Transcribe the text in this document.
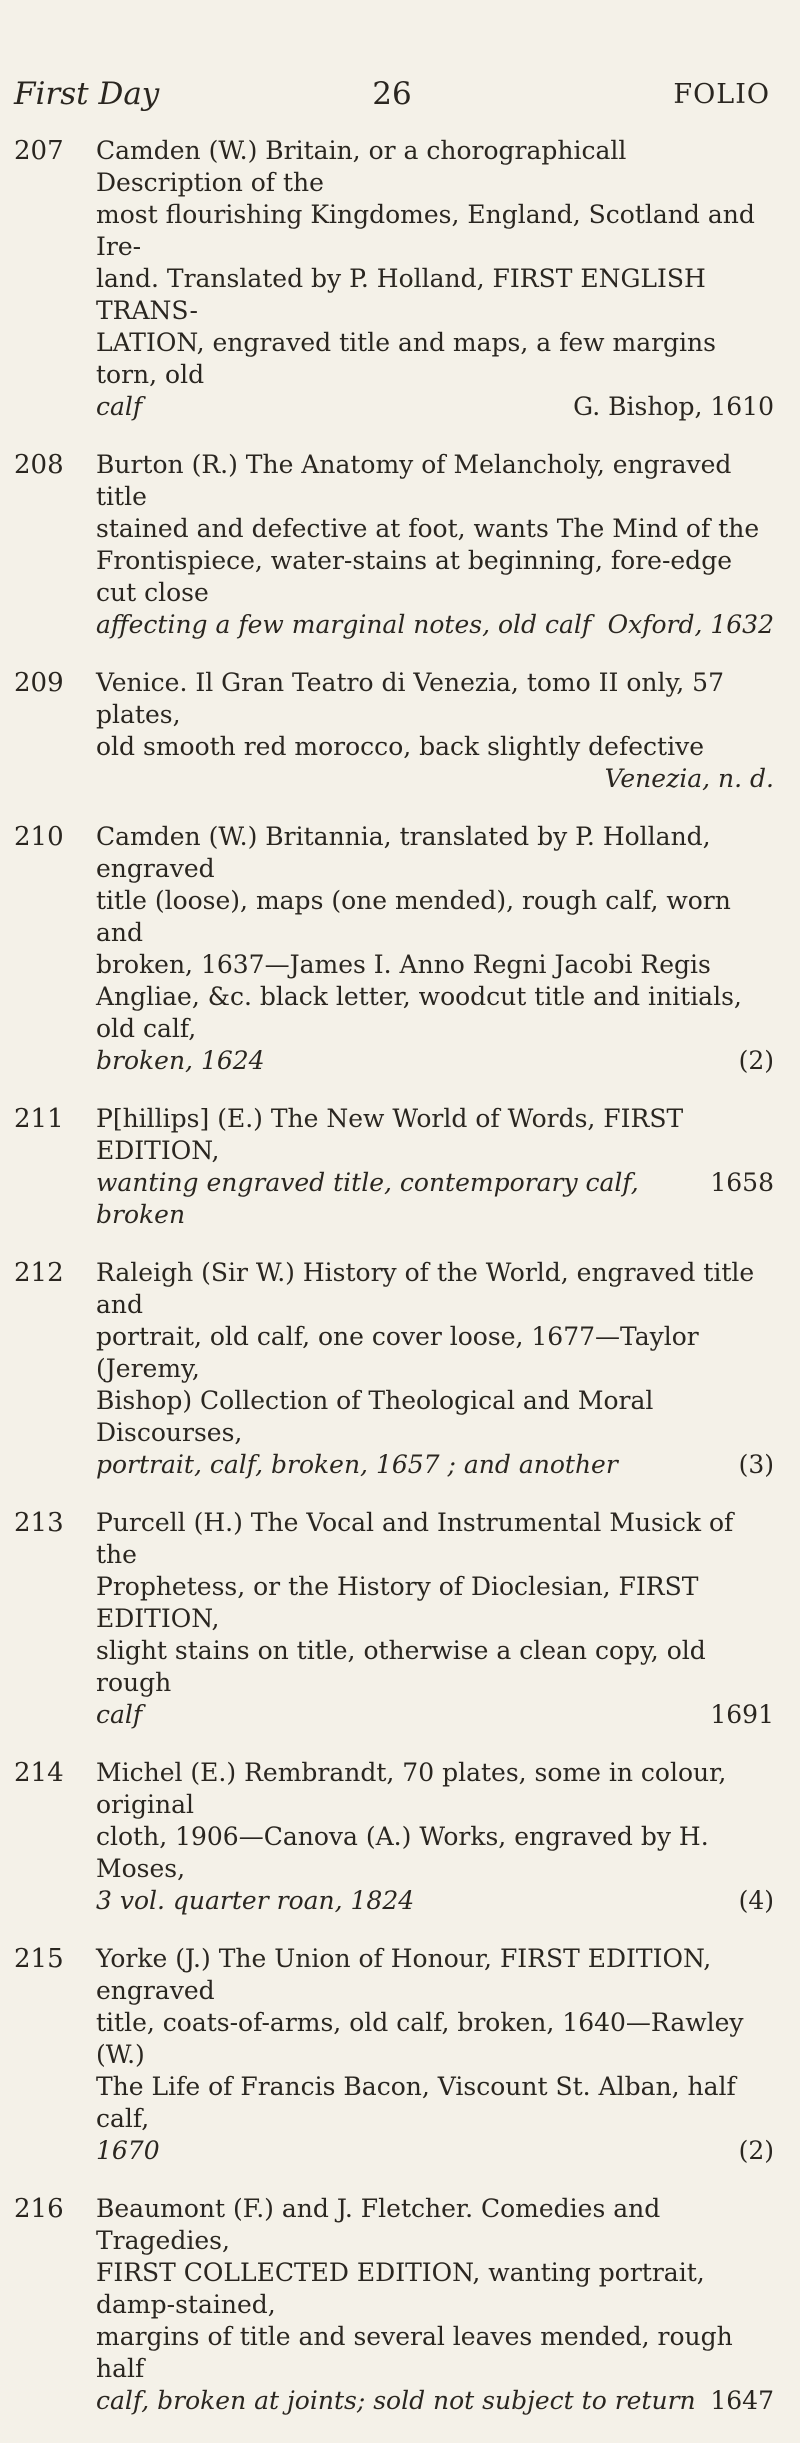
First Day	26	FOLIO
207	Camden (W.) Britain, or a chorographicall Description of the
most flourishing Kingdomes, England, Scotland and Ire-
land. Translated by P. Holland, FIRST ENGLISH TRANS-
LATION, engraved title and maps, a few margins torn, old
calf	G. Bishop, 1610
208	Burton (R.) The Anatomy of Melancholy, engraved title
stained and defective at foot, wants The Mind of the
Frontispiece, water-stains at beginning, fore-edge cut close
affecting a few marginal notes, old calf Oxford, 1632
209	Venice. Il Gran Teatro di Venezia, tomo II only, 57 plates,
old smooth red morocco, back slightly defective
Venezia, n. d.
210	Camden (W.) Britannia, translated by P. Holland, engraved
title (loose), maps (one mended), rough calf, worn and
broken, 1637—James I. Anno Regni Jacobi Regis
Angliae, &c. black letter, woodcut title and initials, old calf,
broken, 1624	(2)
211	P[hillips] (E.) The New World of Words, FIRST EDITION,
wanting engraved title, contemporary calf, broken
1658
212	Raleigh (Sir W.) History of the World, engraved title and
portrait, old calf, one cover loose, 1677—Taylor (Jeremy,
Bishop) Collection of Theological and Moral Discourses,
portrait, calf, broken, 1657 ; and another	(3)
213	Purcell (H.) The Vocal and Instrumental Musick of the
Prophetess, or the History of Dioclesian, FIRST EDITION,
slight stains on title, otherwise a clean copy, old rough
calf	1691
214	Michel (E.) Rembrandt, 70 plates, some in colour, original
cloth, 1906—Canova (A.) Works, engraved by H. Moses,
3 vol. quarter roan, 1824	(4)
215	Yorke (J.) The Union of Honour, FIRST EDITION, engraved
title, coats-of-arms, old calf, broken, 1640—Rawley (W.)
The Life of Francis Bacon, Viscount St. Alban, half calf,
1670	(2)
216	Beaumont (F.) and J. Fletcher. Comedies and Tragedies,
FIRST COLLECTED EDITION, wanting portrait, damp-stained,
margins of title and several leaves mended, rough half
calf, broken at joints; sold not subject to return 1647
